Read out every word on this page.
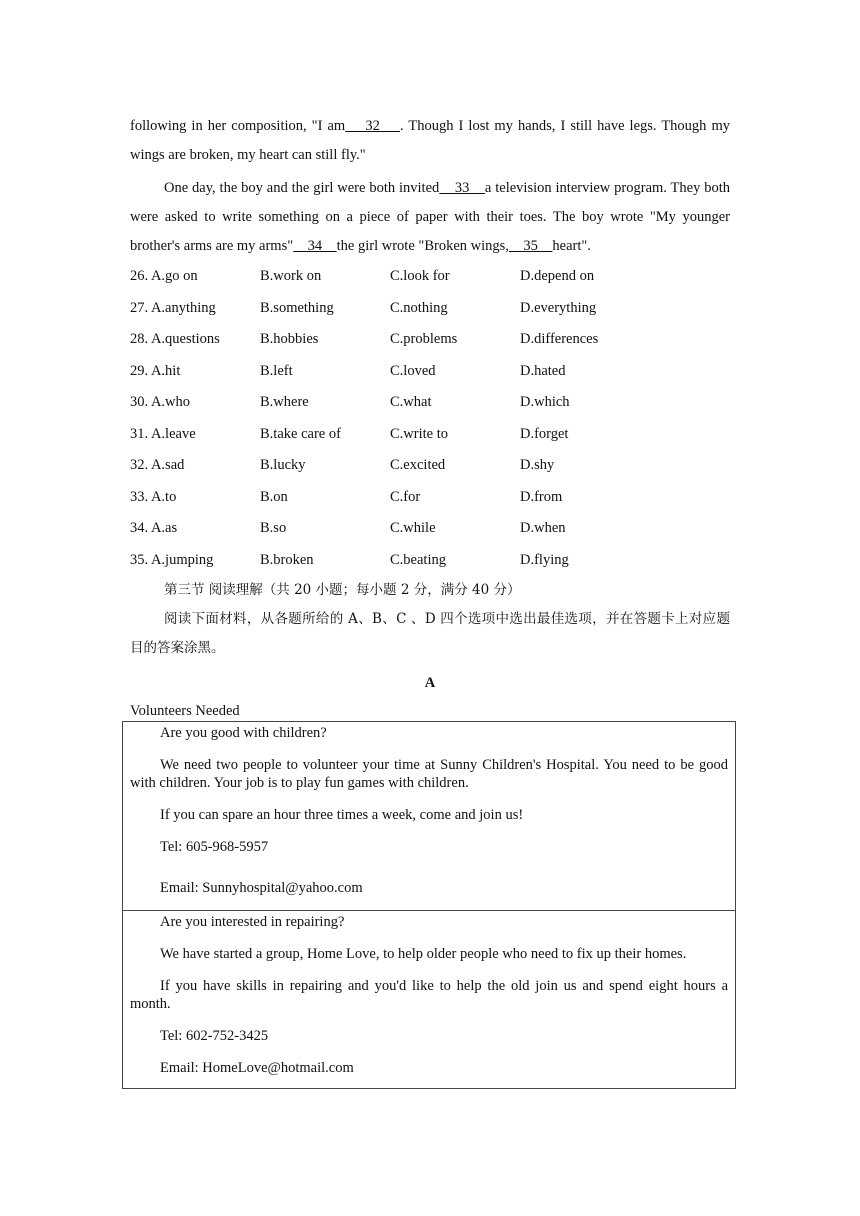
following in her composition, "I am    32    . Though I lost my hands, I still have legs. Though my wings are broken, my heart can still fly."

One day, the boy and the girl were both invited    33    a television interview program. They both were asked to write something on a piece of paper with their toes. The boy wrote "My younger brother's arms are my arms"    34    the girl wrote "Broken wings,    35    heart".

26. A.go on	B.work on	C.look for	D.depend on
27. A.anything	B.something	C.nothing	D.everything
28. A.questions	B.hobbies	C.problems	D.differences
29. A.hit	B.left	C.loved	D.hated
30. A.who	B.where	C.what	D.which
31. A.leave	B.take care of	C.write to	D.forget
32. A.sad	B.lucky	C.excited	D.shy
33. A.to	B.on	C.for	D.from
34. A.as	B.so	C.while	D.when
35. A.jumping	B.broken	C.beating	D.flying

第三节 阅读理解（共 20 小题；每小题 2 分，满分 40 分）

阅读下面材料，从各题所给的 A、B、C 、D 四个选项中选出最佳选项，并在答题卡上对应题目的答案涂黑。

A

Volunteers Needed

Are you good with children?

We need two people to volunteer your time at Sunny Children's Hospital. You need to be good with children. Your job is to play fun games with children.

If you can spare an hour three times a week, come and join us!

Tel: 605-968-5957

Email: Sunnyhospital@yahoo.com

Are you interested in repairing?

We have started a group, Home Love, to help older people who need to fix up their homes.

If you have skills in repairing and you'd like to help the old join us and spend eight hours a month.

Tel: 602-752-3425

Email: HomeLove@hotmail.com
